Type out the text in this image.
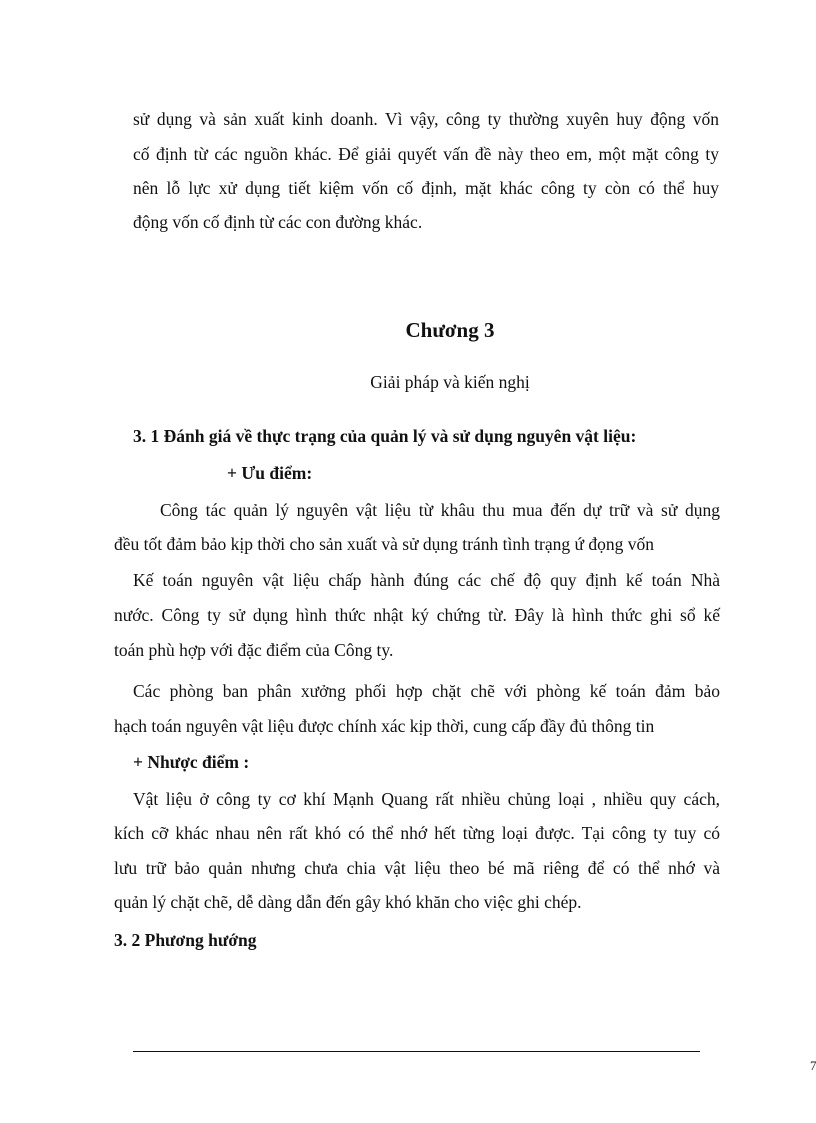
sử dụng và sản xuất kinh doanh. Vì vậy, công ty thường xuyên huy động vốn
cố định từ các nguồn khác. Để giải quyết vấn đề này theo em, một mặt công ty
nên lỗ lực xử dụng tiết kiệm vốn cố định, mặt khác công ty còn có thể huy
động vốn cố định từ các con đường khác.
Chương 3
Giải pháp và kiến nghị
3. 1 Đánh giá về thực trạng của quản lý và sử dụng nguyên vật liệu:
+ Ưu điểm:
Công tác quản lý nguyên vật liệu từ khâu thu mua đến dự trữ và sử dụng
đều tốt đảm bảo kịp thời cho sản xuất và sử dụng tránh tình trạng ứ đọng vốn
Kế toán nguyên vật liệu chấp hành đúng các chế độ quy định kế toán Nhà
nước. Công ty sử dụng hình thức nhật ký chứng từ. Đây là hình thức ghi sổ kế
toán phù hợp với đặc điểm của Công ty.
Các phòng ban phân xưởng phối hợp chặt chẽ với phòng kế toán đảm bảo
hạch toán nguyên vật liệu được chính xác kịp thời, cung cấp đầy đủ thông tin
+ Nhược điểm :
Vật liệu ở công ty cơ khí Mạnh Quang rất nhiều chủng loại , nhiều quy cách,
kích cỡ khác nhau nên rất khó có thể nhớ hết từng loại được. Tại công ty tuy có
lưu trữ bảo quản nhưng chưa chia vật liệu theo bé mã riêng để có thể nhớ và
quản lý chặt chẽ, dễ dàng dẫn đến gây khó khăn cho việc ghi chép.
3. 2 Phương hướng
7
